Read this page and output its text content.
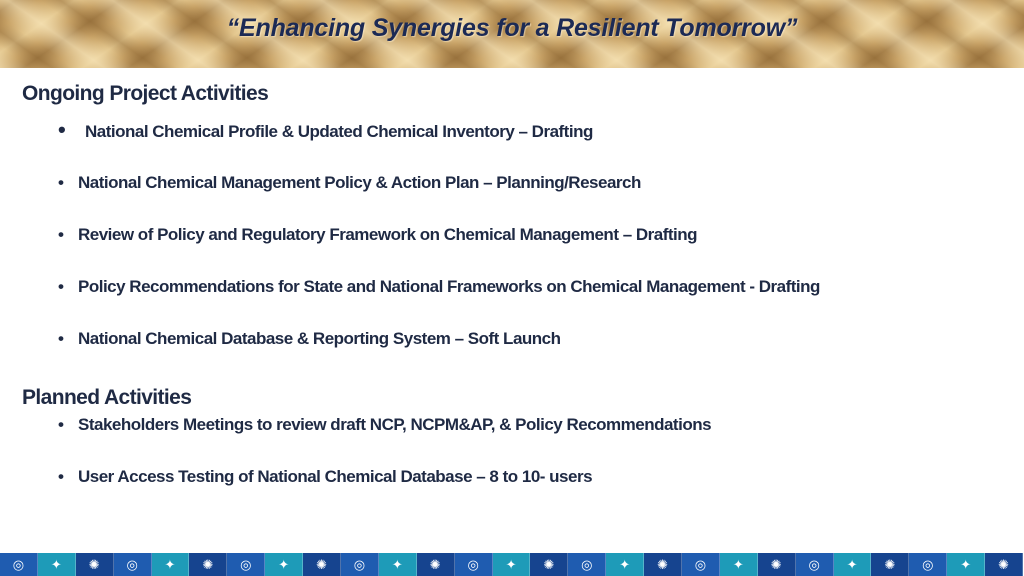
“Enhancing Synergies for a Resilient Tomorrow”
Ongoing Project Activities
• National Chemical Profile & Updated Chemical Inventory – Drafting
• National Chemical Management Policy & Action Plan – Planning/Research
• Review of Policy and Regulatory Framework on Chemical Management – Drafting
• Policy Recommendations for State and National Frameworks on Chemical Management - Drafting
• National Chemical Database & Reporting System – Soft Launch
Planned Activities
• Stakeholders Meetings to review draft NCP, NCPM&AP, & Policy Recommendations
• User Access Testing of National Chemical Database – 8 to 10- users
◎	✦	✺	◎	✦	✺	◎	✦	✺	◎	✦	✺	◎	✦	✺	◎	✦	✺	◎	✦	✺	◎	✦	✺	◎	✦	✺
